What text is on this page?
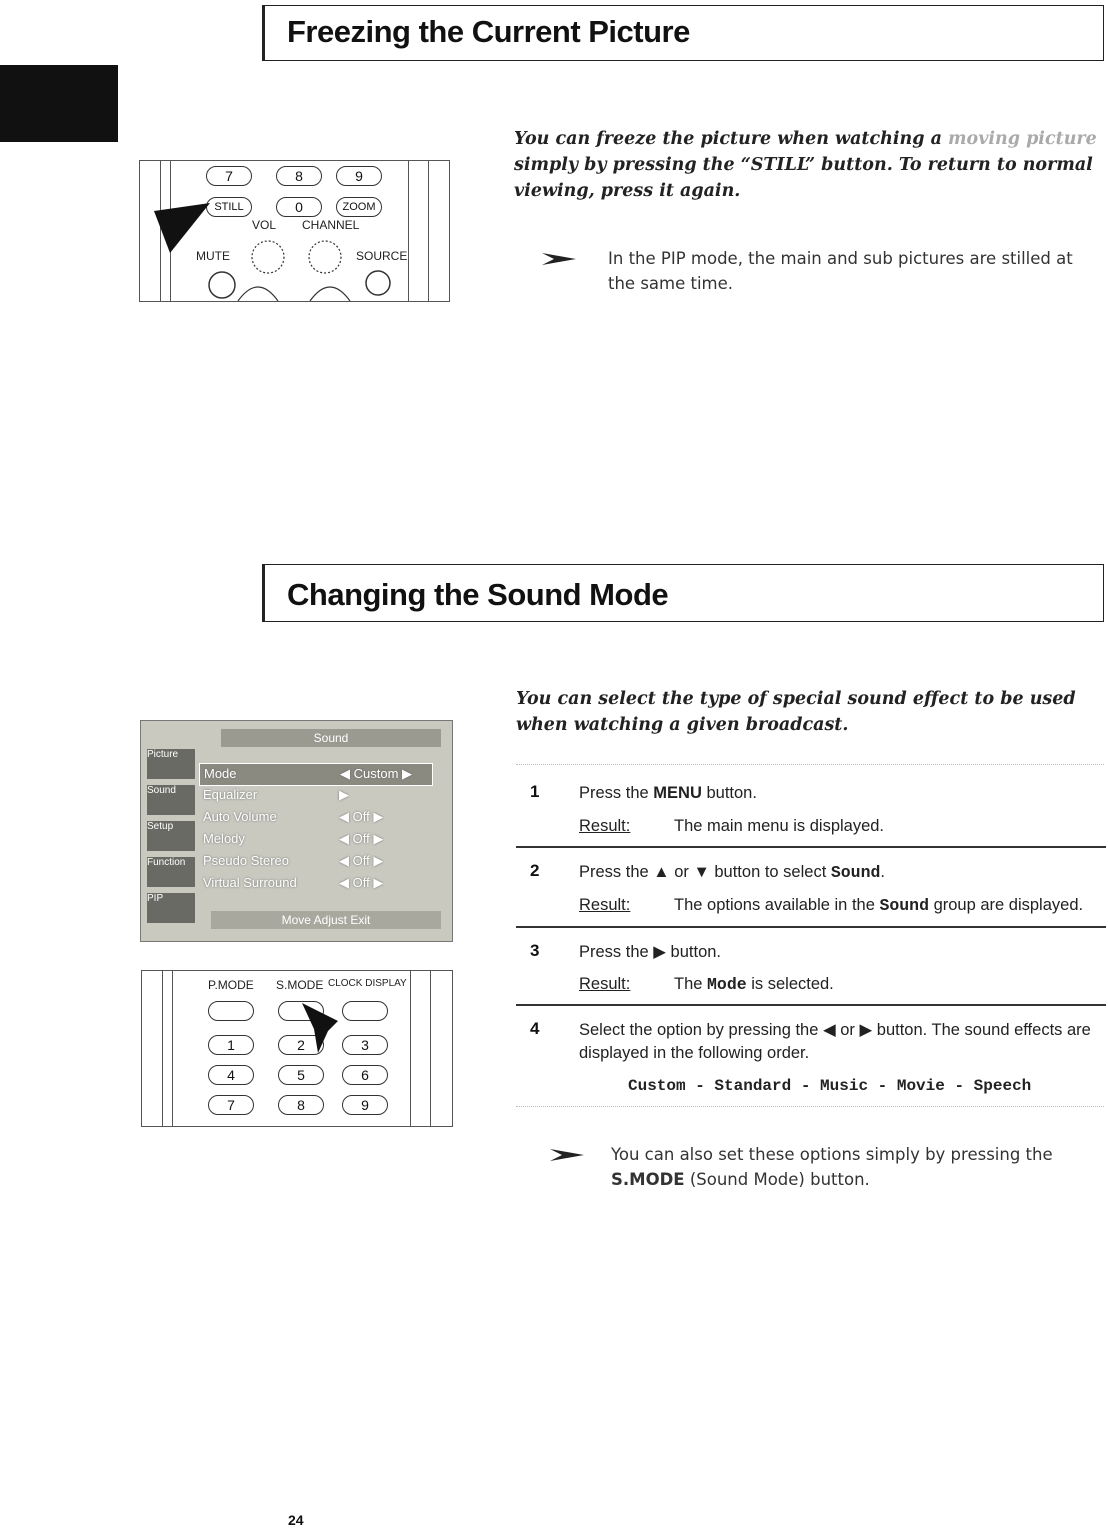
Freezing the Current Picture
ENG	7	8	9
STILL	0	ZOOM
VOL CHANNEL
MUTE	SOURCE
You can freeze the picture when watching a moving picture simply by pressing the “STILL” button. To return to normal viewing, press it again.
In the PIP mode, the main and sub pictures are stilled at the same time.
Changing the Sound Mode
You can select the type of special sound effect to be used when watching a given broadcast.
Sound
Picture
Sound
Setup
Function
PIP
Mode	◀ Custom ▶
Equalizer	▶
Auto Volume	◀ Off ▶
Melody	◀ Off ▶
Pseudo Stereo	◀ Off ▶
Virtual Surround	◀ Off ▶
Move Adjust Exit
P.MODE S.MODE CLOCK DISPLAY
1	2	3
4	5	6
7	8	9
1 Press the MENU button.
Result:	The main menu is displayed.
2 Press the ▲ or ▼ button to select Sound.
Result:	The options available in the Sound group are displayed.
3 Press the ▶ button.
Result:	The Mode is selected.
4 Select the option by pressing the ◀ or ▶ button. The sound effects are displayed in the following order.
Custom - Standard - Music - Movie - Speech
You can also set these options simply by pressing the S.MODE (Sound Mode) button.
24
